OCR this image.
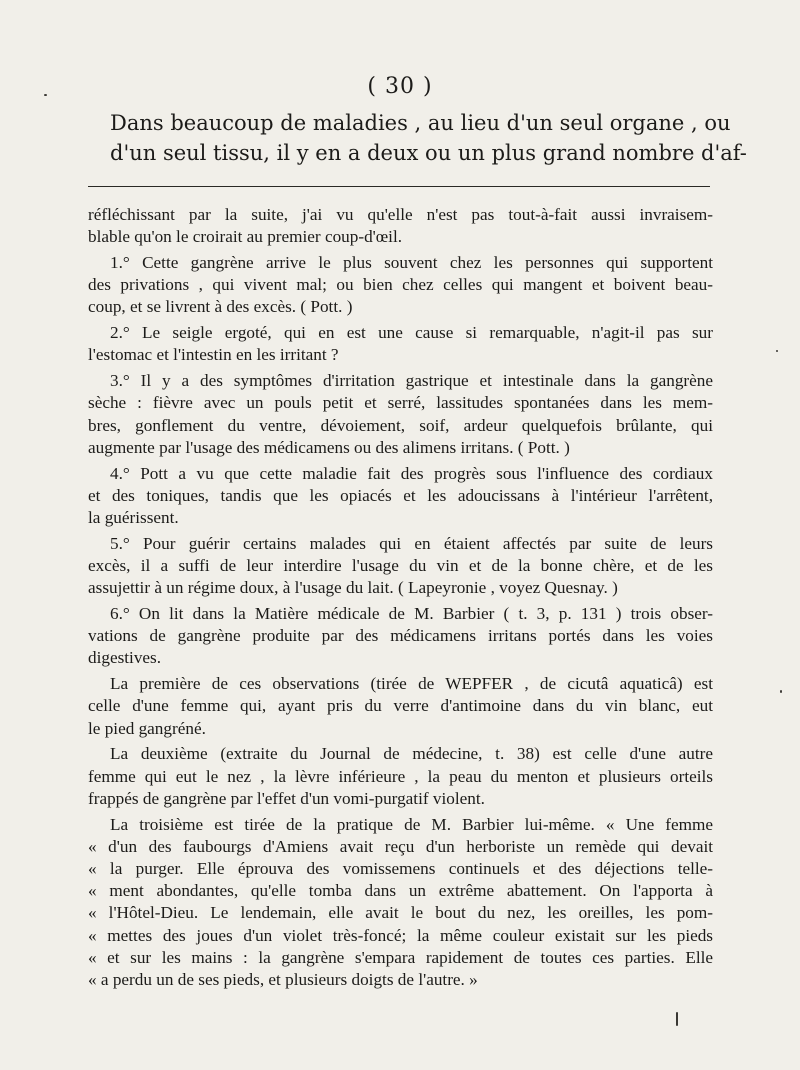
( 30 )
Dans beaucoup de maladies , au lieu d'un seul organe , ou
d'un seul tissu, il y en a deux ou un plus grand nombre d'af-
réfléchissant par la suite, j'ai vu qu'elle n'est pas tout-à-fait aussi invraisem-
blable qu'on le croirait au premier coup-d'œil.
1.° Cette gangrène arrive le plus souvent chez les personnes qui supportent
des privations , qui vivent mal; ou bien chez celles qui mangent et boivent beau-
coup, et se livrent à des excès. ( Pott. )
2.° Le seigle ergoté, qui en est une cause si remarquable, n'agit-il pas sur
l'estomac et l'intestin en les irritant ?
3.° Il y a des symptômes d'irritation gastrique et intestinale dans la gangrène
sèche : fièvre avec un pouls petit et serré, lassitudes spontanées dans les mem-
bres, gonflement du ventre, dévoiement, soif, ardeur quelquefois brûlante, qui
augmente par l'usage des médicamens ou des alimens irritans. ( Pott. )
4.° Pott a vu que cette maladie fait des progrès sous l'influence des cordiaux
et des toniques, tandis que les opiacés et les adoucissans à l'intérieur l'arrêtent,
la guérissent.
5.° Pour guérir certains malades qui en étaient affectés par suite de leurs
excès, il a suffi de leur interdire l'usage du vin et de la bonne chère, et de les
assujettir à un régime doux, à l'usage du lait. ( Lapeyronie , voyez Quesnay. )
6.° On lit dans la Matière médicale de M. Barbier ( t. 3, p. 131 ) trois obser-
vations de gangrène produite par des médicamens irritans portés dans les voies
digestives.
La première de ces observations (tirée de WEPFER , de cicutâ aquaticâ) est
celle d'une femme qui, ayant pris du verre d'antimoine dans du vin blanc, eut
le pied gangréné.
La deuxième (extraite du Journal de médecine, t. 38) est celle d'une autre
femme qui eut le nez , la lèvre inférieure , la peau du menton et plusieurs orteils
frappés de gangrène par l'effet d'un vomi-purgatif violent.
La troisième est tirée de la pratique de M. Barbier lui-même. « Une femme
« d'un des faubourgs d'Amiens avait reçu d'un herboriste un remède qui devait
« la purger. Elle éprouva des vomissemens continuels et des déjections telle-
« ment abondantes, qu'elle tomba dans un extrême abattement. On l'apporta à
« l'Hôtel-Dieu. Le lendemain, elle avait le bout du nez, les oreilles, les pom-
« mettes des joues d'un violet très-foncé; la même couleur existait sur les pieds
« et sur les mains : la gangrène s'empara rapidement de toutes ces parties. Elle
« a perdu un de ses pieds, et plusieurs doigts de l'autre. »
